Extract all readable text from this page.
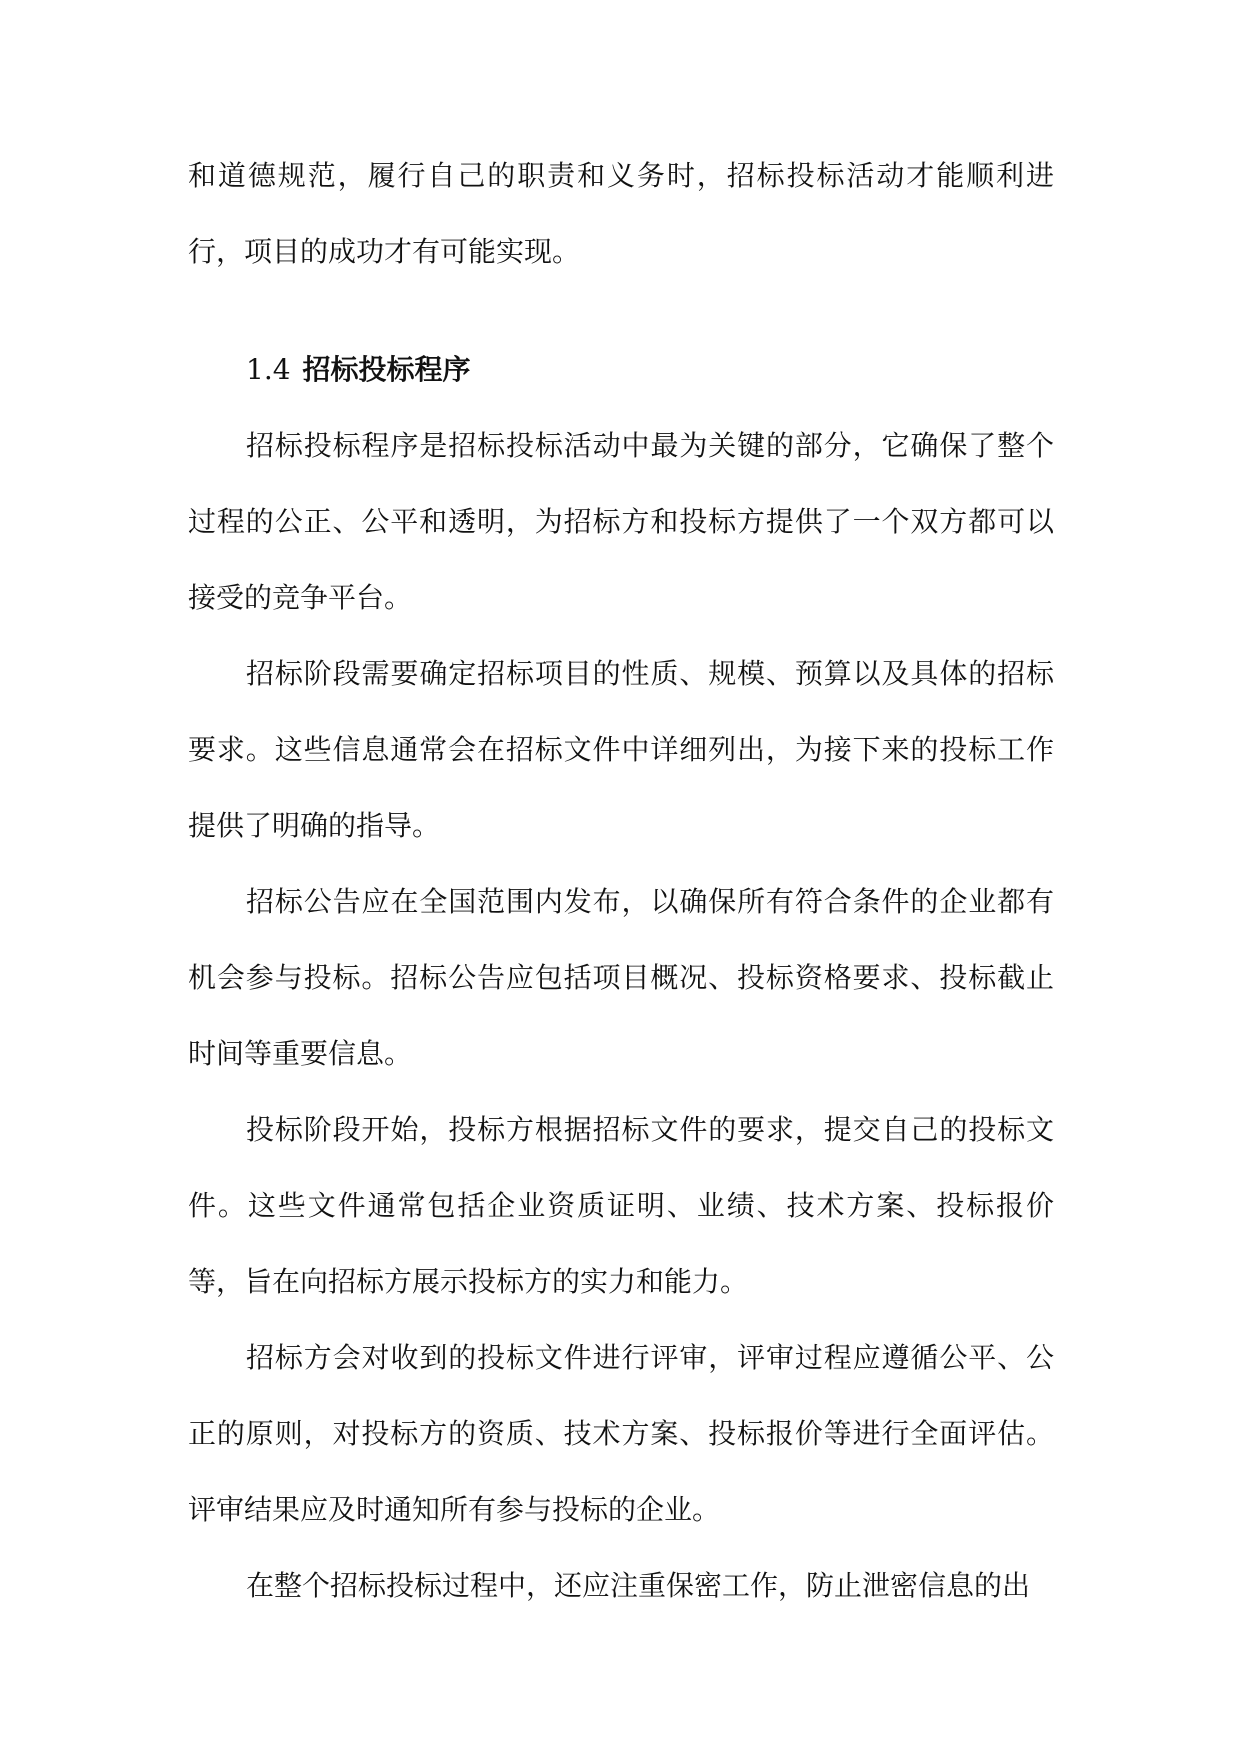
和道德规范，履行自己的职责和义务时，招标投标活动才能顺利进行，项目的成功才有可能实现。

1.4 招标投标程序

招标投标程序是招标投标活动中最为关键的部分，它确保了整个过程的公正、公平和透明，为招标方和投标方提供了一个双方都可以接受的竞争平台。

招标阶段需要确定招标项目的性质、规模、预算以及具体的招标要求。这些信息通常会在招标文件中详细列出，为接下来的投标工作提供了明确的指导。

招标公告应在全国范围内发布，以确保所有符合条件的企业都有机会参与投标。招标公告应包括项目概况、投标资格要求、投标截止时间等重要信息。

投标阶段开始，投标方根据招标文件的要求，提交自己的投标文件。这些文件通常包括企业资质证明、业绩、技术方案、投标报价等，旨在向招标方展示投标方的实力和能力。

招标方会对收到的投标文件进行评审，评审过程应遵循公平、公正的原则，对投标方的资质、技术方案、投标报价等进行全面评估。评审结果应及时通知所有参与投标的企业。

在整个招标投标过程中，还应注重保密工作，防止泄密信息的出
